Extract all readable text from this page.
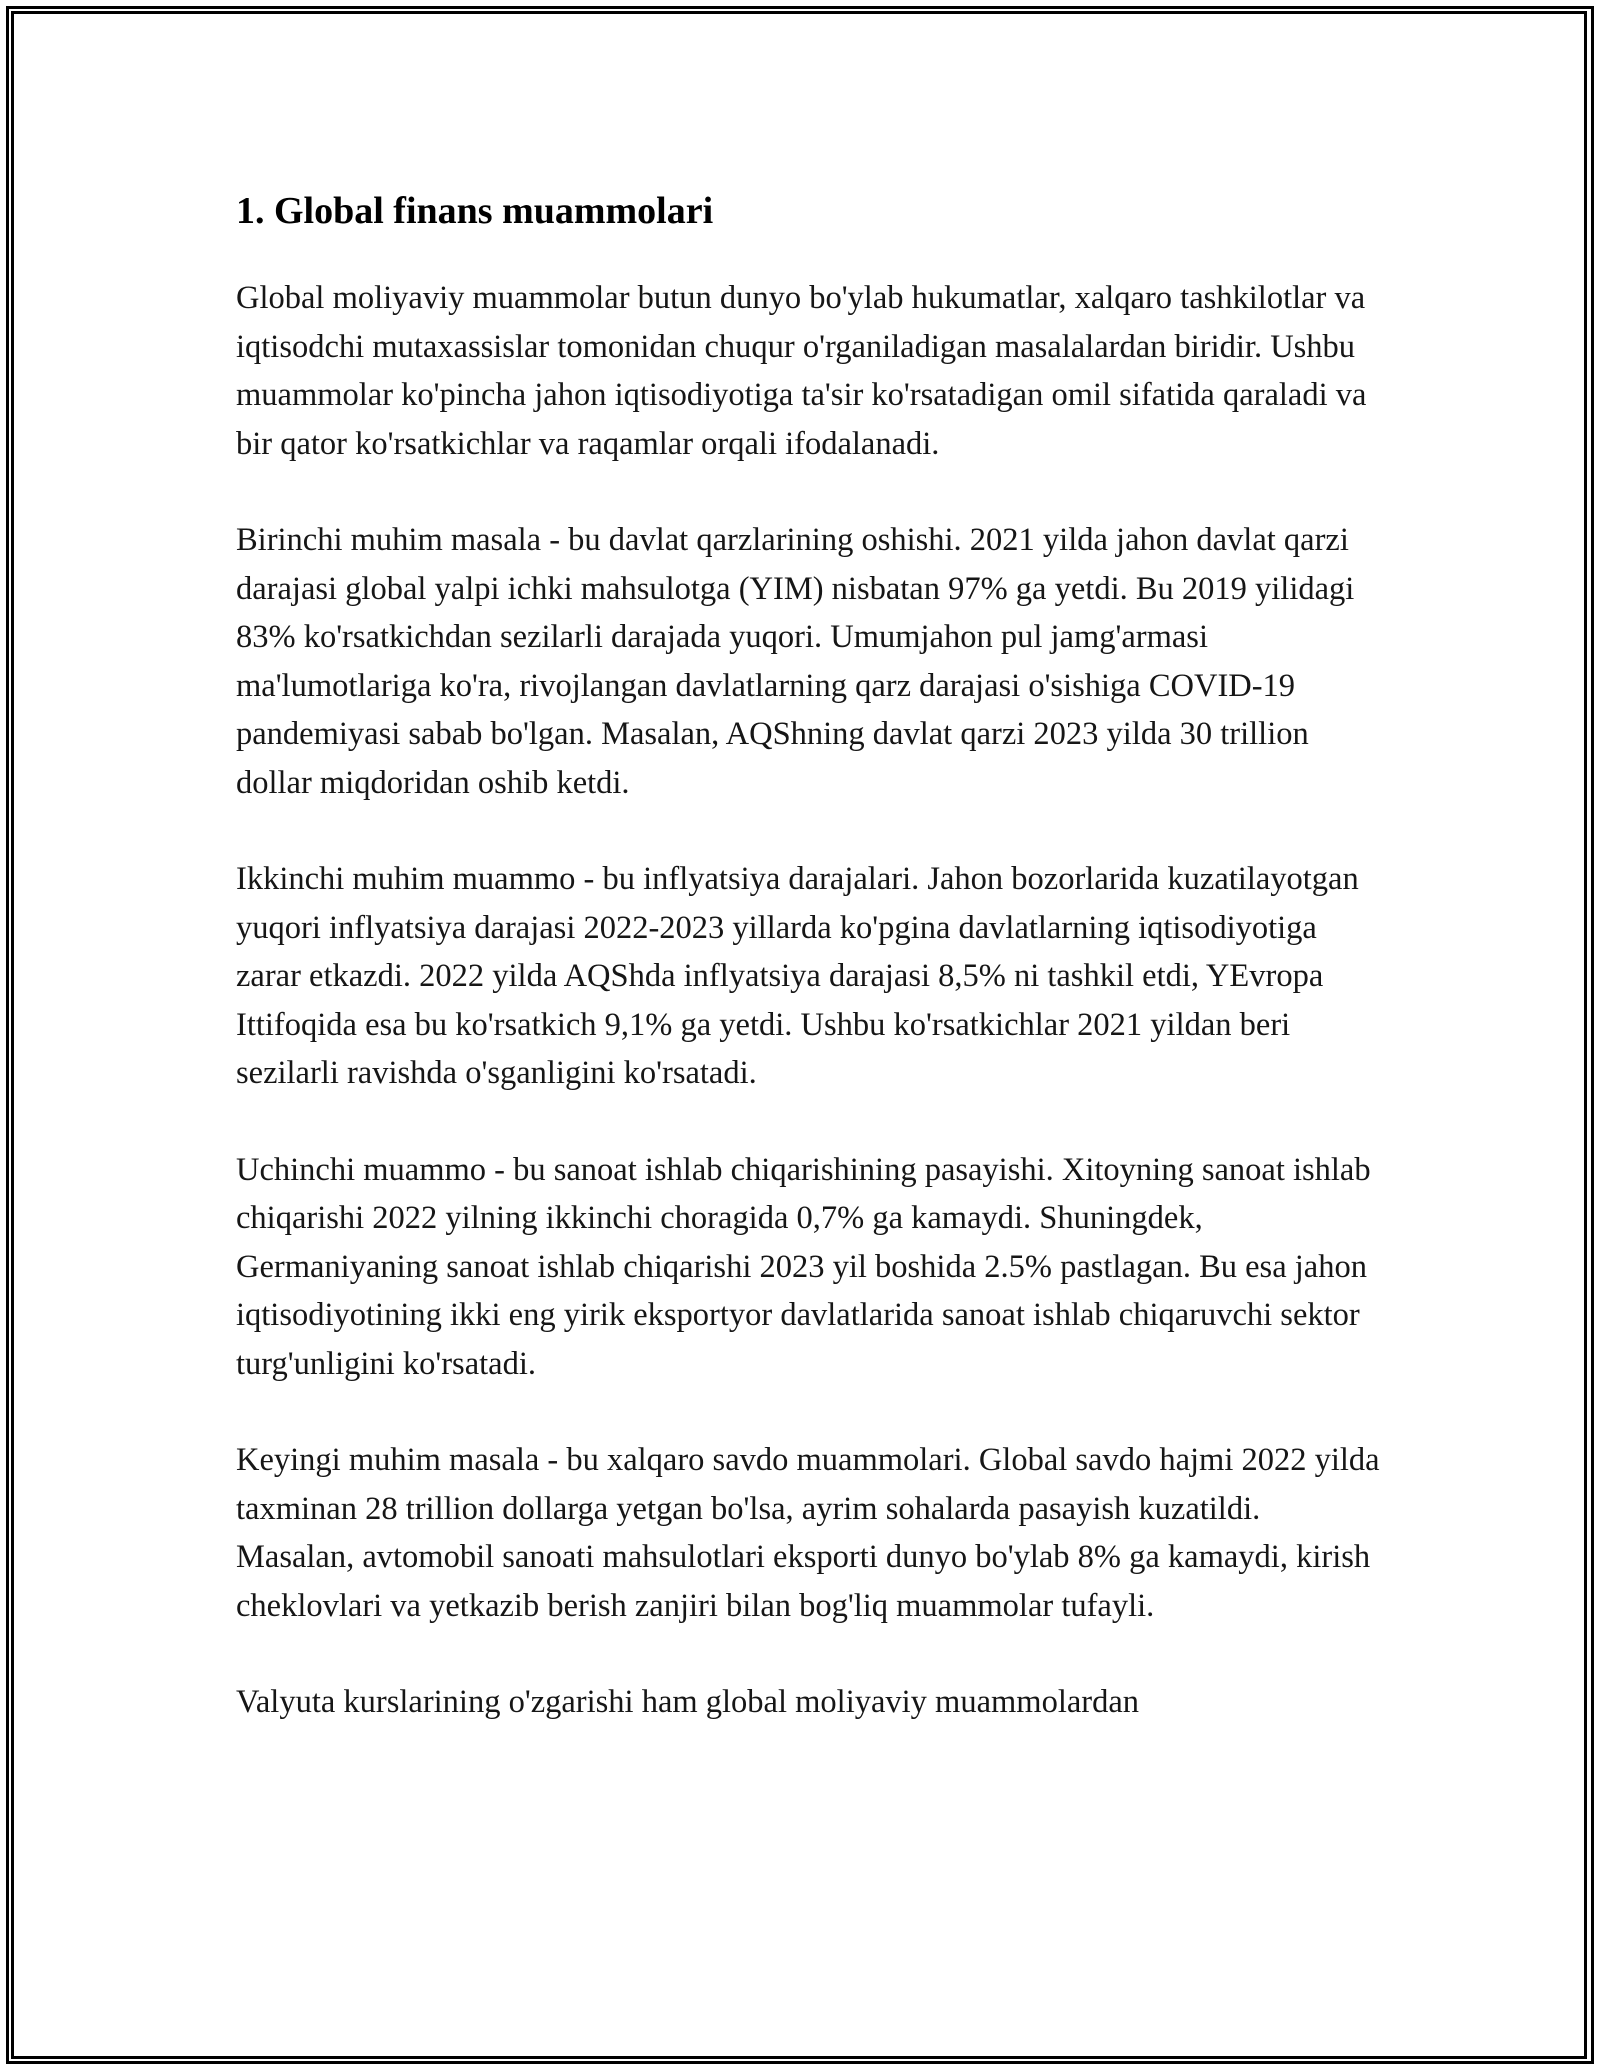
1. Global finans muammolari

Global moliyaviy muammolar butun dunyo bo'ylab hukumatlar, xalqaro tashkilotlar va iqtisodchi mutaxassislar tomonidan chuqur o'rganiladigan masalalardan biridir. Ushbu muammolar ko'pincha jahon iqtisodiyotiga ta'sir ko'rsatadigan omil sifatida qaraladi va bir qator ko'rsatkichlar va raqamlar orqali ifodalanadi.

Birinchi muhim masala - bu davlat qarzlarining oshishi. 2021 yilda jahon davlat qarzi darajasi global yalpi ichki mahsulotga (YIM) nisbatan 97% ga yetdi. Bu 2019 yilidagi 83% ko'rsatkichdan sezilarli darajada yuqori. Umumjahon pul jamg'armasi ma'lumotlariga ko'ra, rivojlangan davlatlarning qarz darajasi o'sishiga COVID-19 pandemiyasi sabab bo'lgan. Masalan, AQShning davlat qarzi 2023 yilda 30 trillion dollar miqdoridan oshib ketdi.

Ikkinchi muhim muammo - bu inflyatsiya darajalari. Jahon bozorlarida kuzatilayotgan yuqori inflyatsiya darajasi 2022-2023 yillarda ko'pgina davlatlarning iqtisodiyotiga zarar etkazdi. 2022 yilda AQShda inflyatsiya darajasi 8,5% ni tashkil etdi, YEvropa Ittifoqida esa bu ko'rsatkich 9,1% ga yetdi. Ushbu ko'rsatkichlar 2021 yildan beri sezilarli ravishda o'sganligini ko'rsatadi.

Uchinchi muammo - bu sanoat ishlab chiqarishining pasayishi. Xitoyning sanoat ishlab chiqarishi 2022 yilning ikkinchi choragida 0,7% ga kamaydi. Shuningdek, Germaniyaning sanoat ishlab chiqarishi 2023 yil boshida 2.5% pastlagan. Bu esa jahon iqtisodiyotining ikki eng yirik eksportyor davlatlarida sanoat ishlab chiqaruvchi sektor turg'unligini ko'rsatadi.

Keyingi muhim masala - bu xalqaro savdo muammolari. Global savdo hajmi 2022 yilda taxminan 28 trillion dollarga yetgan bo'lsa, ayrim sohalarda pasayish kuzatildi. Masalan, avtomobil sanoati mahsulotlari eksporti dunyo bo'ylab 8% ga kamaydi, kirish cheklovlari va yetkazib berish zanjiri bilan bog'liq muammolar tufayli.

Valyuta kurslarining o'zgarishi ham global moliyaviy muammolardan
